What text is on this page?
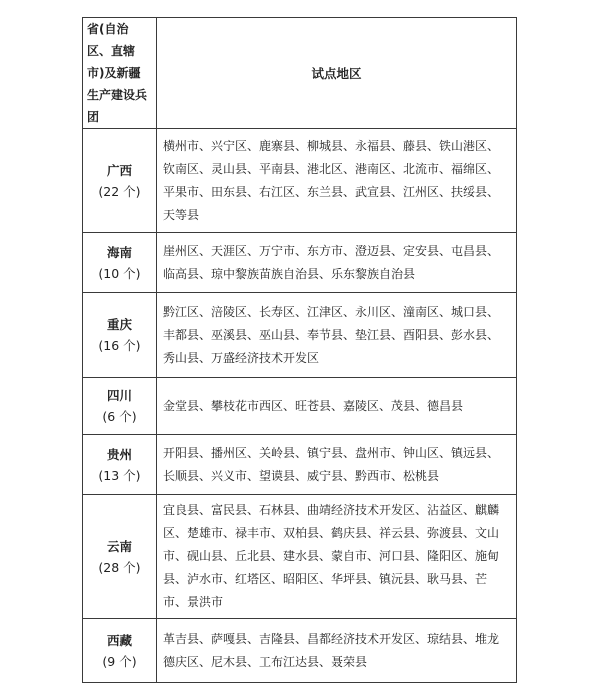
省(自治区、直辖市)及新疆生产建设兵团	试点地区

广西
(22 个)	横州市、兴宁区、鹿寨县、柳城县、永福县、藤县、铁山港区、钦南区、灵山县、平南县、港北区、港南区、北流市、福绵区、平果市、田东县、右江区、东兰县、武宣县、江州区、扶绥县、天等县

海南
(10 个)	崖州区、天涯区、万宁市、东方市、澄迈县、定安县、屯昌县、临高县、琼中黎族苗族自治县、乐东黎族自治县

重庆
(16 个)	黔江区、涪陵区、长寿区、江津区、永川区、潼南区、城口县、丰都县、巫溪县、巫山县、奉节县、垫江县、酉阳县、彭水县、秀山县、万盛经济技术开发区

四川
(6 个)	金堂县、攀枝花市西区、旺苍县、嘉陵区、茂县、德昌县

贵州
(13 个)	开阳县、播州区、关岭县、镇宁县、盘州市、钟山区、镇远县、长顺县、兴义市、望谟县、威宁县、黔西市、松桃县

云南
(28 个)	宜良县、富民县、石林县、曲靖经济技术开发区、沾益区、麒麟区、楚雄市、禄丰市、双柏县、鹤庆县、祥云县、弥渡县、文山市、砚山县、丘北县、建水县、蒙自市、河口县、隆阳区、施甸县、泸水市、红塔区、昭阳区、华坪县、镇沅县、耿马县、芒市、景洪市

西藏
(9 个)	革吉县、萨嘎县、吉隆县、昌都经济技术开发区、琼结县、堆龙德庆区、尼木县、工布江达县、聂荣县
